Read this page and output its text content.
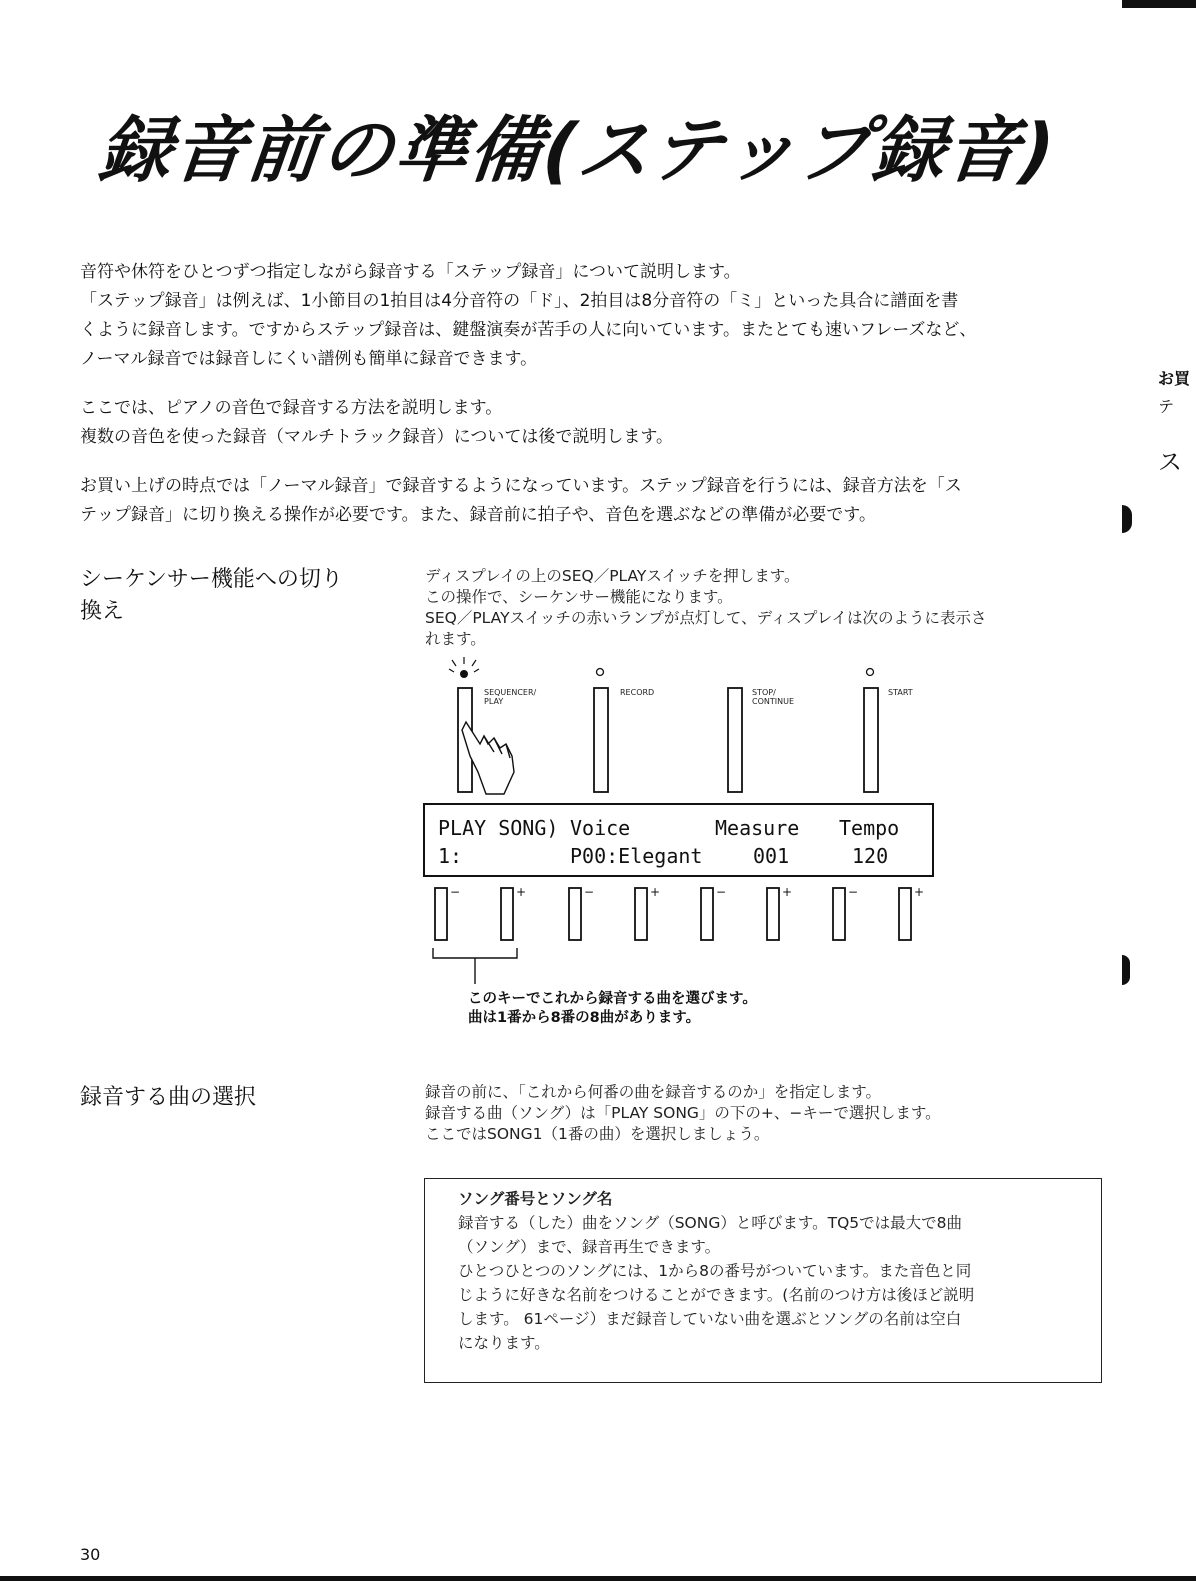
録音前の準備(ステップ録音)

音符や休符をひとつずつ指定しながら録音する「ステップ録音」について説明します。
「ステップ録音」は例えば、1小節目の1拍目は4分音符の「ド」、2拍目は8分音符の「ミ」といった具合に譜面を書
くように録音します。ですからステップ録音は、鍵盤演奏が苦手の人に向いています。またとても速いフレーズなど、
ノーマル録音では録音しにくい譜例も簡単に録音できます。

ここでは、ピアノの音色で録音する方法を説明します。
複数の音色を使った録音（マルチトラック録音）については後で説明します。

お買い上げの時点では「ノーマル録音」で録音するようになっています。ステップ録音を行うには、録音方法を「ス
テップ録音」に切り換える操作が必要です。また、録音前に拍子や、音色を選ぶなどの準備が必要です。

シーケンサー機能への切り
換え

ディスプレイの上のSEQ／PLAYスイッチを押します。

この操作で、シーケンサー機能になります。

SEQ／PLAYスイッチの赤いランプが点灯して、ディスプレイは次のように表示さ

れます。

SEQUENCER/
PLAY
RECORD	STOP/
CONTINUE
START
PLAY SONG) Voice	Measure Tempo
1:	P00:Elegant	001	120
−	+	−	+	−	+	−	+
このキーでこれから録音する曲を選びます。
曲は1番から8番の8曲があります。
録音する曲の選択	録音の前に、「これから何番の曲を録音するのか」を指定します。

録音する曲（ソング）は「PLAY SONG」の下の+、−キーで選択します。

ここではSONG1（1番の曲）を選択しましょう。

ソング番号とソング名
録音する（した）曲をソング（SONG）と呼びます。TQ5では最大で8曲
（ソング）まで、録音再生できます。
ひとつひとつのソングには、1から8の番号がついています。また音色と同
じように好きな名前をつけることができます。(名前のつけ方は後ほど説明
します。 61ページ）まだ録音していない曲を選ぶとソングの名前は空白
になります。
お買
テ
ス
30
